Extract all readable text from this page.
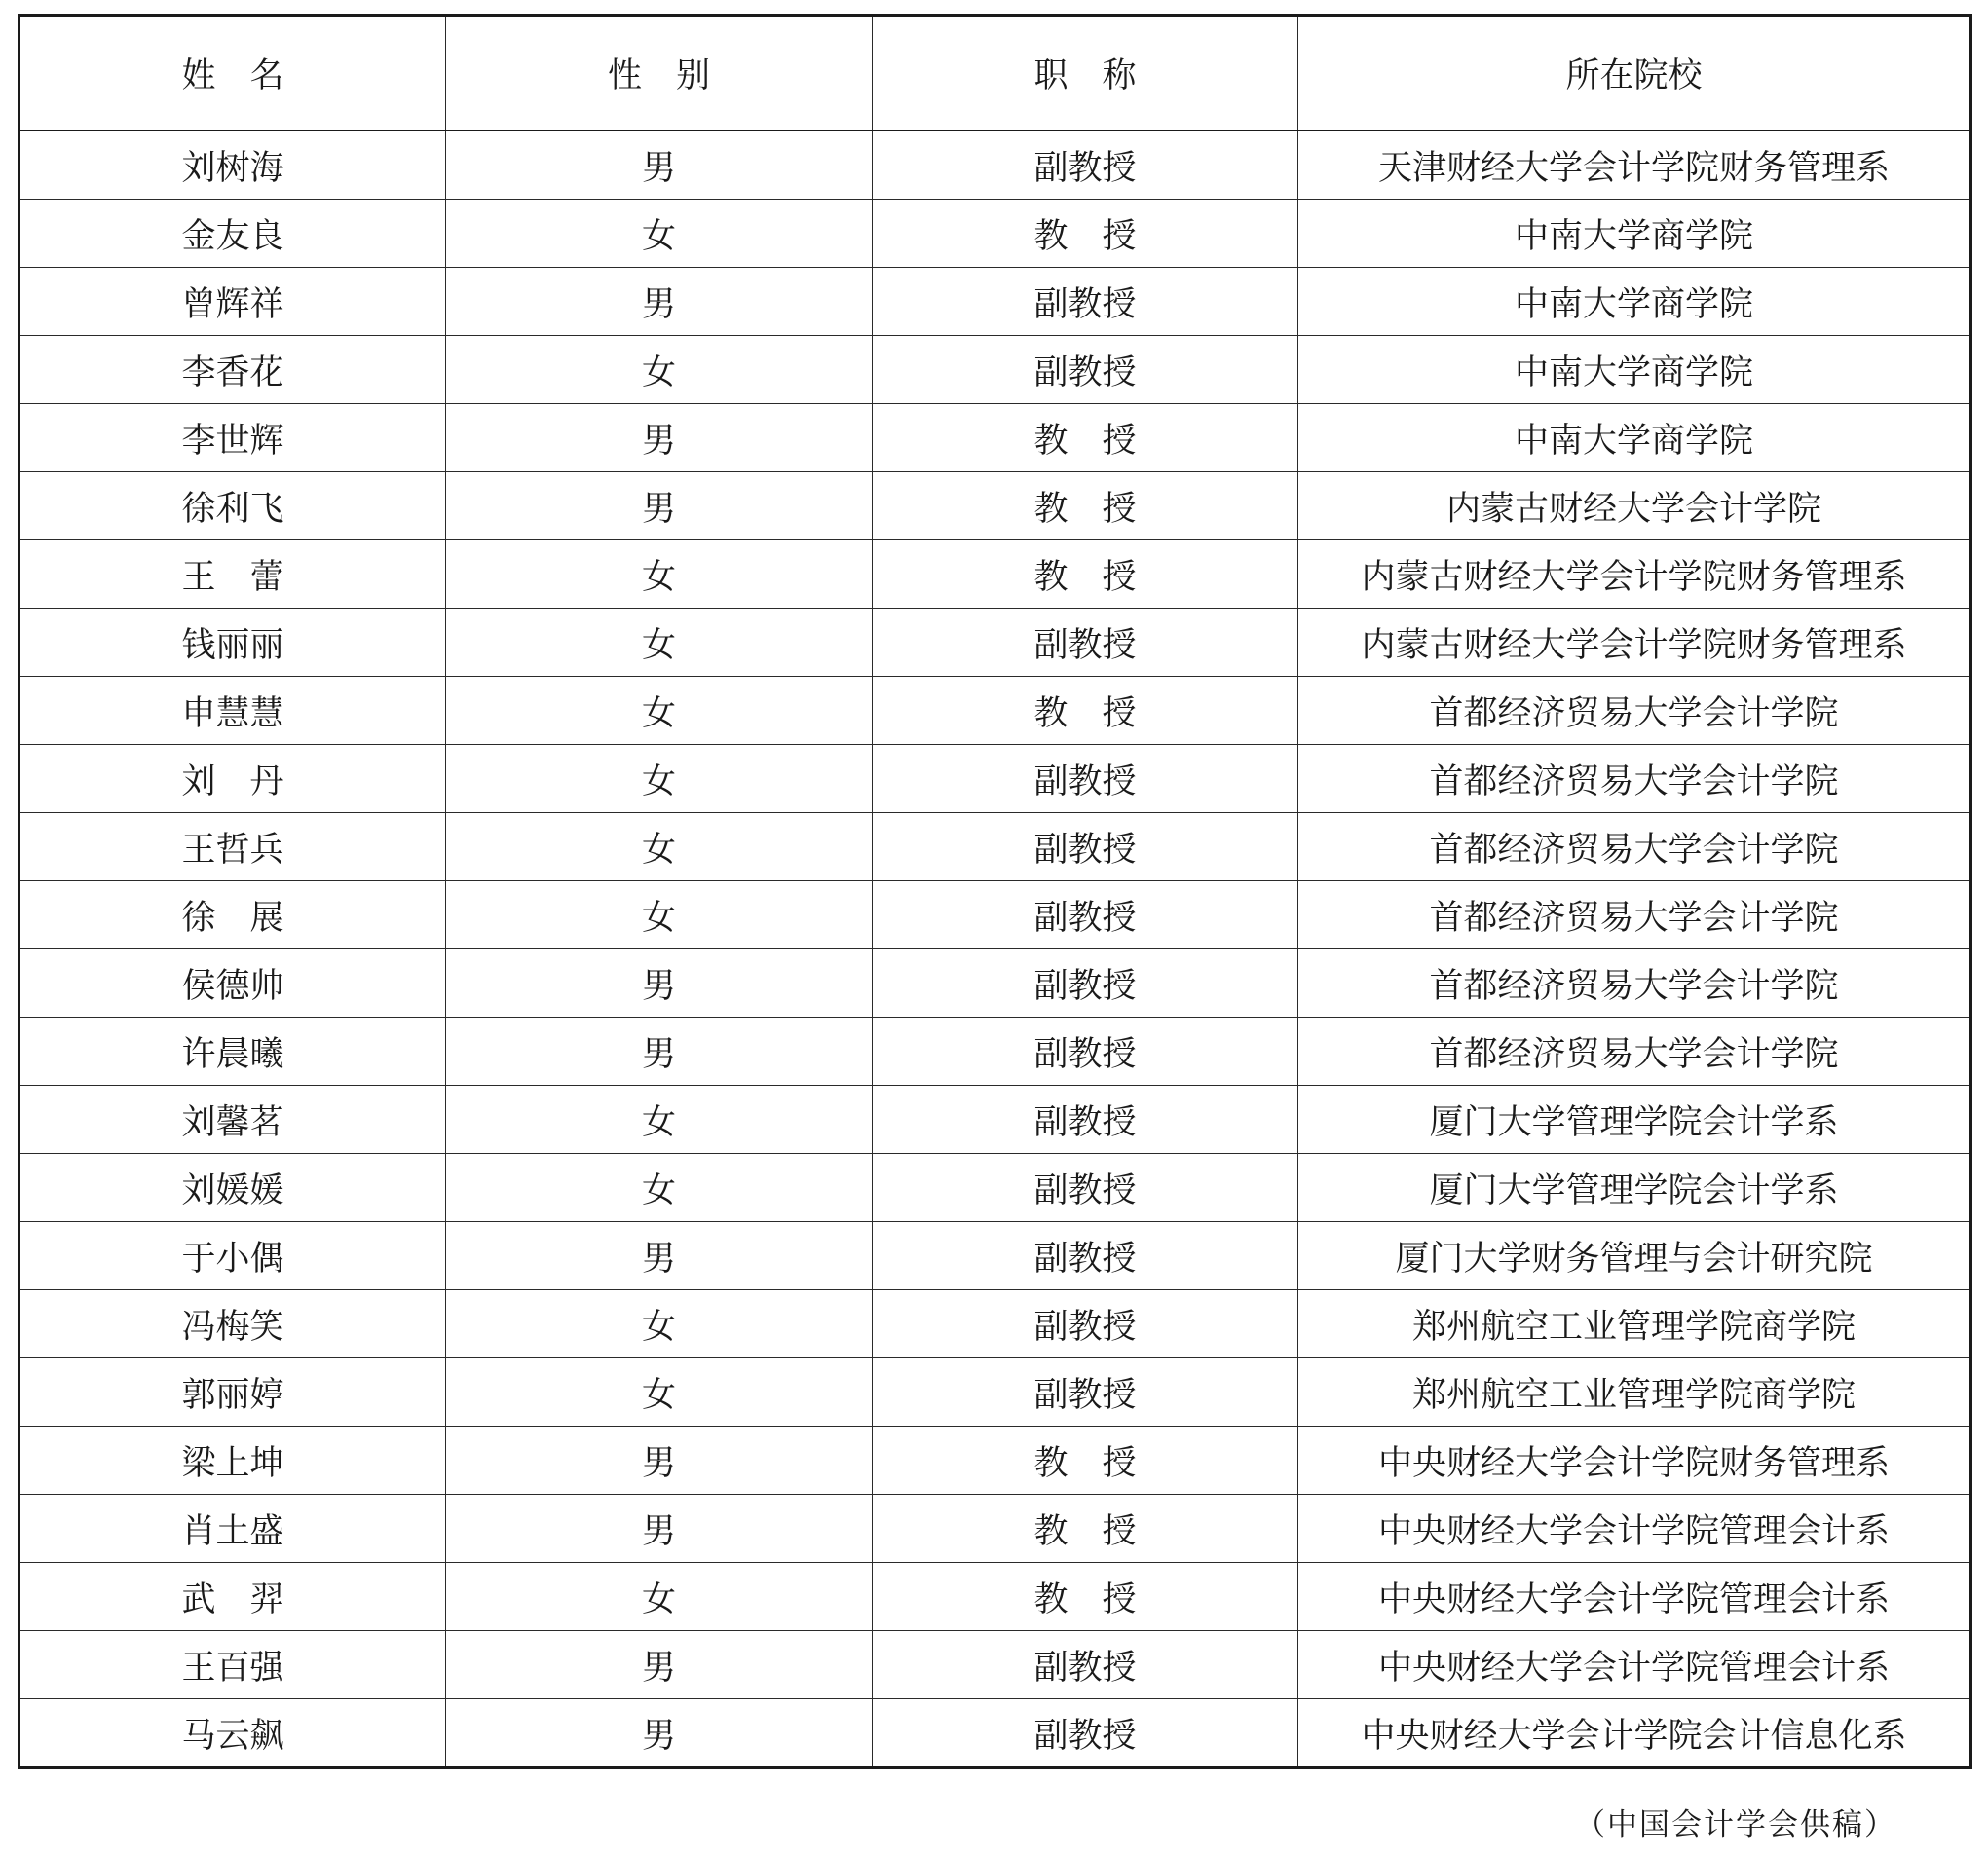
姓　名	性　别	职　称	所在院校
刘树海	男	副教授	天津财经大学会计学院财务管理系
金友良	女	教　授	中南大学商学院
曾辉祥	男	副教授	中南大学商学院
李香花	女	副教授	中南大学商学院
李世辉	男	教　授	中南大学商学院
徐利飞	男	教　授	内蒙古财经大学会计学院
王　蕾	女	教　授	内蒙古财经大学会计学院财务管理系
钱丽丽	女	副教授	内蒙古财经大学会计学院财务管理系
申慧慧	女	教　授	首都经济贸易大学会计学院
刘　丹	女	副教授	首都经济贸易大学会计学院
王哲兵	女	副教授	首都经济贸易大学会计学院
徐　展	女	副教授	首都经济贸易大学会计学院
侯德帅	男	副教授	首都经济贸易大学会计学院
许晨曦	男	副教授	首都经济贸易大学会计学院
刘馨茗	女	副教授	厦门大学管理学院会计学系
刘媛媛	女	副教授	厦门大学管理学院会计学系
于小偶	男	副教授	厦门大学财务管理与会计研究院
冯梅笑	女	副教授	郑州航空工业管理学院商学院
郭丽婷	女	副教授	郑州航空工业管理学院商学院
梁上坤	男	教　授	中央财经大学会计学院财务管理系
肖土盛	男	教　授	中央财经大学会计学院管理会计系
武　羿	女	教　授	中央财经大学会计学院管理会计系
王百强	男	副教授	中央财经大学会计学院管理会计系
马云飙	男	副教授	中央财经大学会计学院会计信息化系
（中国会计学会供稿）
